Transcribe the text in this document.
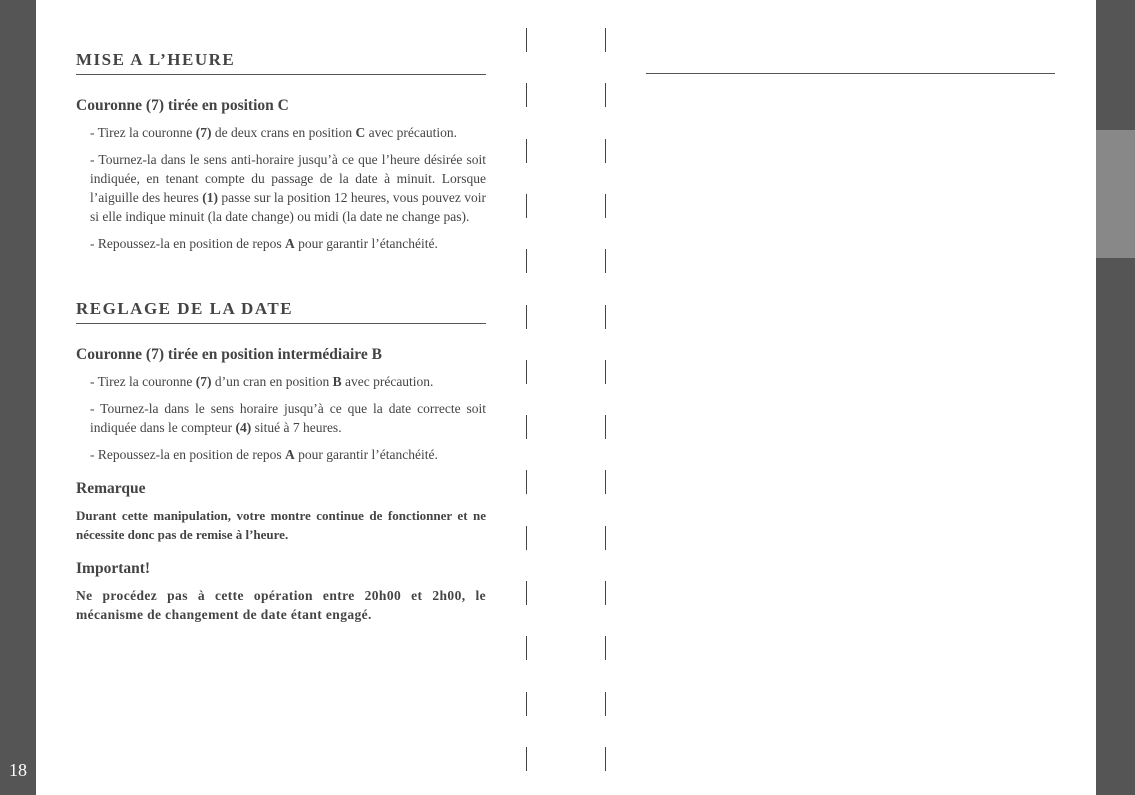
18
MISE A L’HEURE
Couronne (7) tirée en position C
- Tirez la couronne (7) de deux crans en position C avec précaution.
- Tournez-la dans le sens anti-horaire jusqu’à ce que l’heure désirée soit indiquée, en tenant compte du passage de la date à minuit. Lorsque l’aiguille des heures (1) passe sur la position 12 heures, vous pouvez voir si elle indique minuit (la date change) ou midi (la date ne change pas).
- Repoussez-la en position de repos A pour garantir l’étanchéité.
REGLAGE DE LA DATE
Couronne (7) tirée en position intermédiaire B
- Tirez la couronne (7) d’un cran en position B avec précaution.
- Tournez-la dans le sens horaire jusqu’à ce que la date correcte soit indiquée dans le compteur (4) situé à 7 heures.
- Repoussez-la en position de repos A pour garantir l’étanchéité.
Remarque
Durant cette manipulation, votre montre continue de fonctionner et ne nécessite donc pas de remise à l’heure.
Important!
Ne procédez pas à cette opération entre 20h00 et 2h00, le mécanisme de changement de date étant engagé.
